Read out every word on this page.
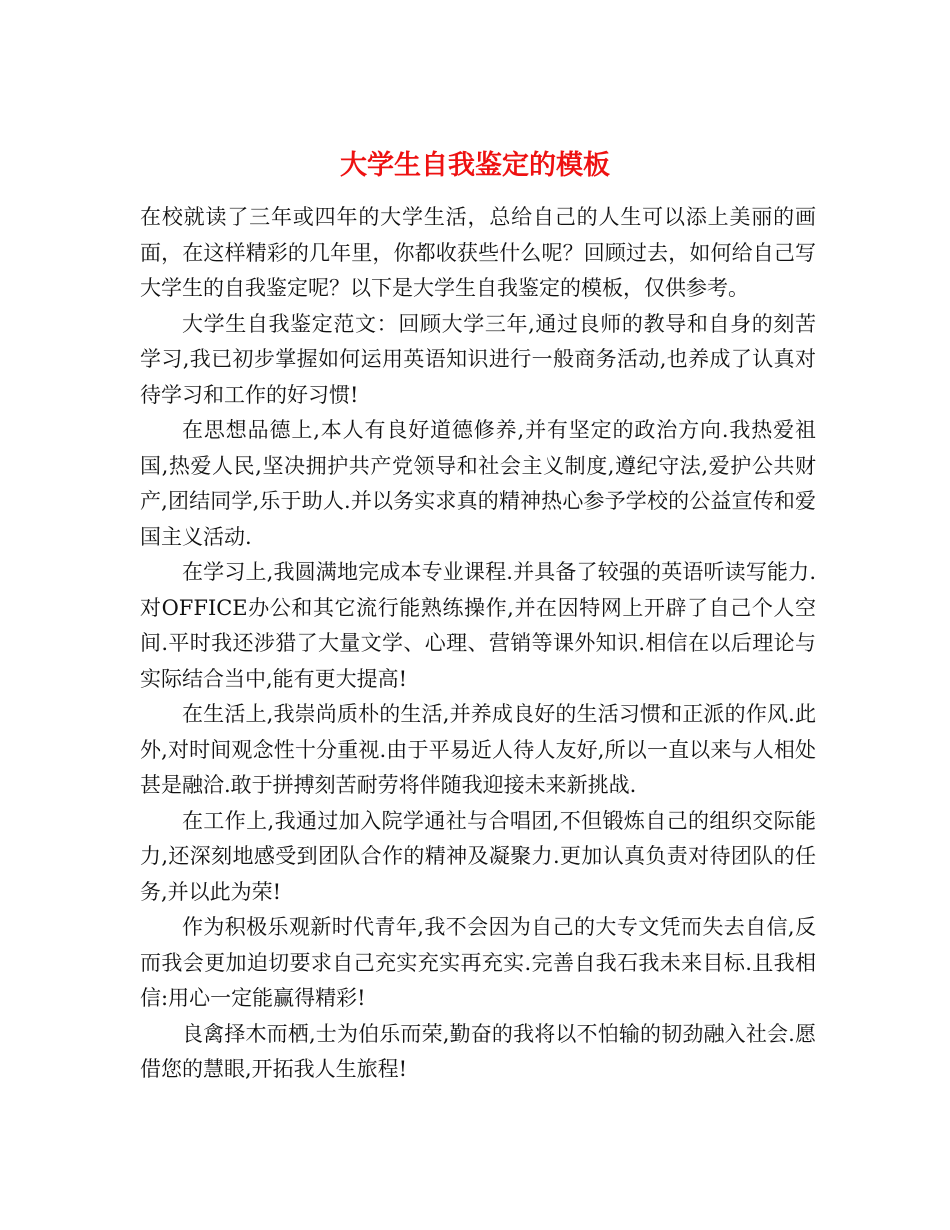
大学生自我鉴定的模板

在校就读了三年或四年的大学生活，总给自己的人生可以添上美丽的画面，在这样精彩的几年里，你都收获些什么呢？回顾过去，如何给自己写大学生的自我鉴定呢？以下是大学生自我鉴定的模板，仅供参考。

大学生自我鉴定范文：回顾大学三年,通过良师的教导和自身的刻苦学习,我已初步掌握如何运用英语知识进行一般商务活动,也养成了认真对待学习和工作的好习惯!

在思想品德上,本人有良好道德修养,并有坚定的政治方向.我热爱祖国,热爱人民,坚决拥护共产党领导和社会主义制度,遵纪守法,爱护公共财产,团结同学,乐于助人.并以务实求真的精神热心参予学校的公益宣传和爱国主义活动.

在学习上,我圆满地完成本专业课程.并具备了较强的英语听读写能力.对OFFICE办公和其它流行能熟练操作,并在因特网上开辟了自己个人空间.平时我还涉猎了大量文学、心理、营销等课外知识.相信在以后理论与实际结合当中,能有更大提高!

在生活上,我崇尚质朴的生活,并养成良好的生活习惯和正派的作风.此外,对时间观念性十分重视.由于平易近人待人友好,所以一直以来与人相处甚是融洽.敢于拼搏刻苦耐劳将伴随我迎接未来新挑战.

在工作上,我通过加入院学通社与合唱团,不但锻炼自己的组织交际能力,还深刻地感受到团队合作的精神及凝聚力.更加认真负责对待团队的任务,并以此为荣!

作为积极乐观新时代青年,我不会因为自己的大专文凭而失去自信,反而我会更加迫切要求自己充实充实再充实.完善自我石我未来目标.且我相信:用心一定能赢得精彩!

良禽择木而栖,士为伯乐而荣,勤奋的我将以不怕输的韧劲融入社会.愿借您的慧眼,开拓我人生旅程!
